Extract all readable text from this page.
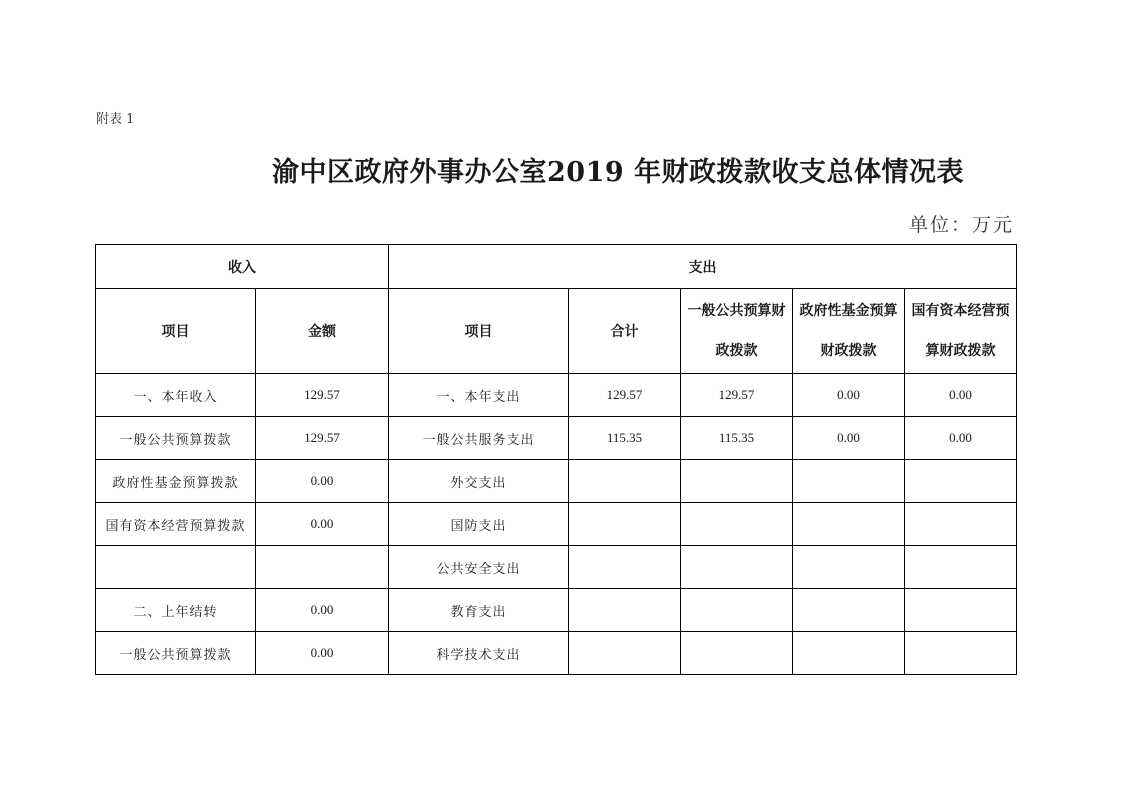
附表 1
渝中区政府外事办公室2019 年财政拨款收支总体情况表
单位：万元
收入		支出				
项目	金额	项目	合计	一般公共预算财政拨款	政府性基金预算财政拨款	国有资本经营预算财政拨款
一、本年收入	129.57	一、本年支出	129.57	129.57	0.00	0.00
一般公共预算拨款	129.57	一般公共服务支出	115.35	115.35	0.00	0.00
政府性基金预算拨款	0.00	外交支出				
国有资本经营预算拨款	0.00	国防支出				
		公共安全支出				
二、上年结转	0.00	教育支出				
一般公共预算拨款	0.00	科学技术支出				
